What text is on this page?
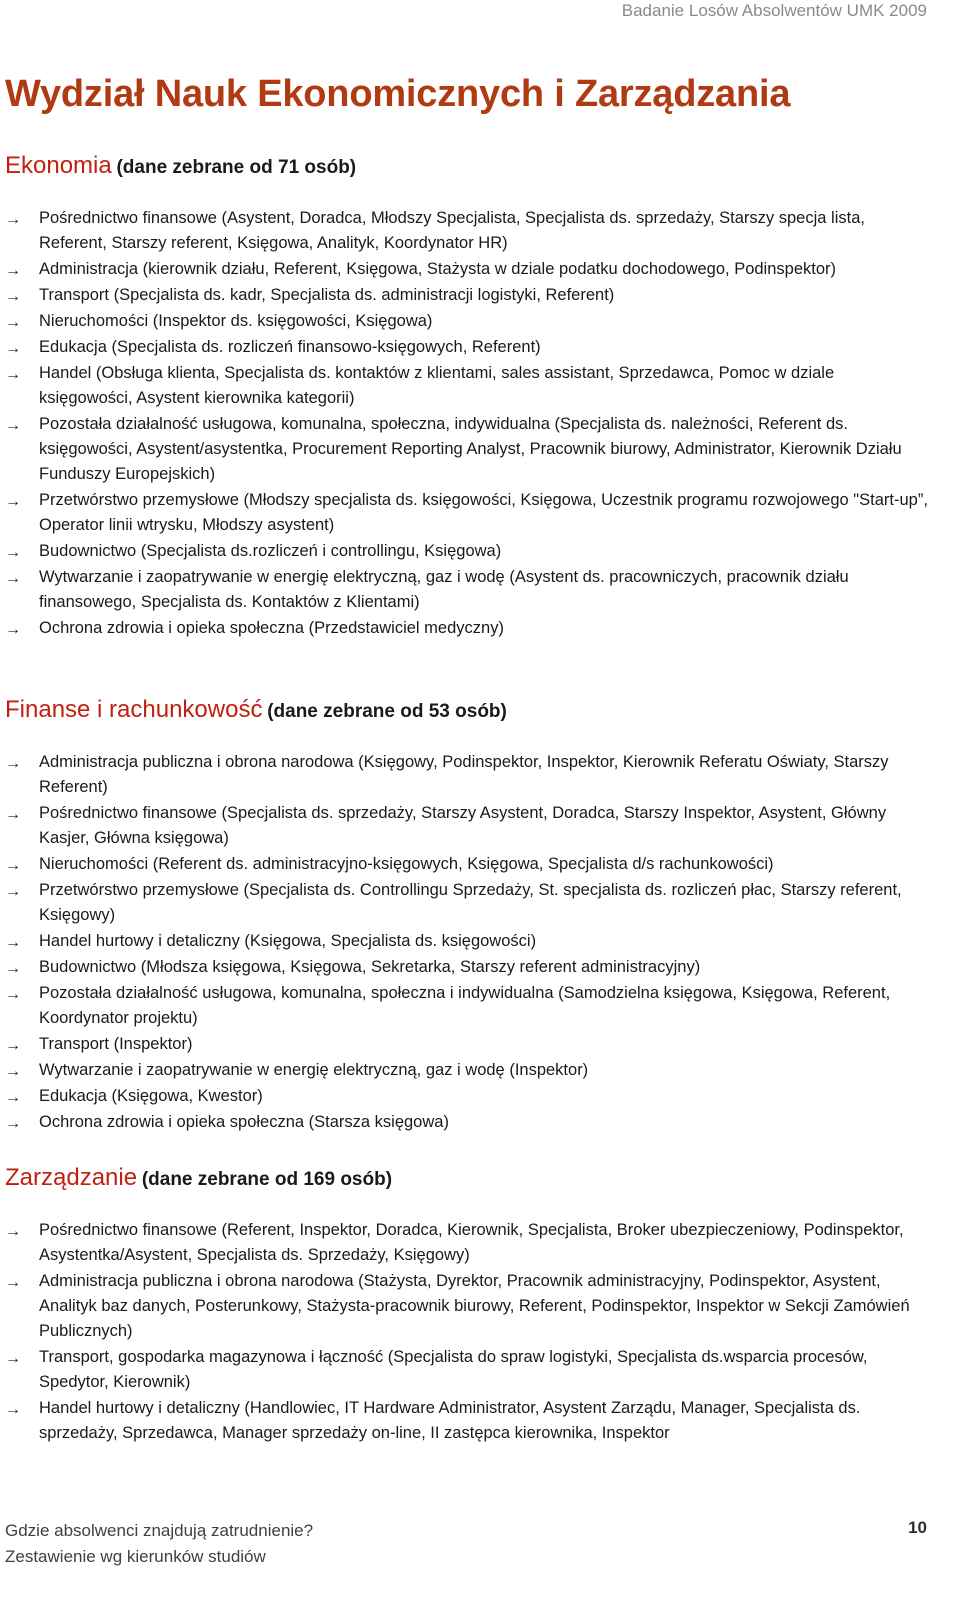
Badanie Losów Absolwentów UMK 2009
Wydział Nauk Ekonomicznych i Zarządzania
Ekonomia (dane zebrane od 71 osób)
→ Pośrednictwo finansowe (Asystent, Doradca, Młodszy Specjalista, Specjalista ds. sprzedaży, Starszy specja lista, Referent, Starszy referent, Księgowa, Analityk, Koordynator HR)
→ Administracja (kierownik działu, Referent, Księgowa, Stażysta w dziale podatku dochodowego, Podinspektor)
→ Transport (Specjalista ds. kadr, Specjalista ds. administracji logistyki, Referent)
→ Nieruchomości (Inspektor ds. księgowości, Księgowa)
→ Edukacja (Specjalista ds. rozliczeń finansowo-księgowych, Referent)
→ Handel (Obsługa klienta, Specjalista ds. kontaktów z klientami, sales assistant, Sprzedawca, Pomoc w dziale księgowości, Asystent kierownika kategorii)
→ Pozostała działalność usługowa, komunalna, społeczna, indywidualna (Specjalista ds. należności, Referent ds. księgowości, Asystent/asystentka, Procurement Reporting Analyst, Pracownik biurowy, Administrator, Kierownik Działu Funduszy Europejskich)
→ Przetwórstwo przemysłowe (Młodszy specjalista ds. księgowości, Księgowa, Uczestnik programu rozwojowego "Start-up”, Operator linii wtrysku, Młodszy asystent)
→ Budownictwo (Specjalista ds.rozliczeń i controllingu, Księgowa)
→ Wytwarzanie i zaopatrywanie w energię elektryczną, gaz i wodę (Asystent ds. pracowniczych, pracownik działu finansowego, Specjalista ds. Kontaktów z Klientami)
→ Ochrona zdrowia i opieka społeczna (Przedstawiciel medyczny)
Finanse i rachunkowość (dane zebrane od 53 osób)
→ Administracja publiczna i obrona narodowa (Księgowy, Podinspektor, Inspektor, Kierownik Referatu Oświaty, Starszy Referent)
→ Pośrednictwo finansowe (Specjalista ds. sprzedaży, Starszy Asystent, Doradca, Starszy Inspektor, Asystent, Główny Kasjer, Główna księgowa)
→ Nieruchomości (Referent ds. administracyjno-księgowych, Księgowa, Specjalista d/s rachunkowości)
→ Przetwórstwo przemysłowe (Specjalista ds. Controllingu Sprzedaży, St. specjalista ds. rozliczeń płac, Starszy referent, Księgowy)
→ Handel hurtowy i detaliczny (Księgowa, Specjalista ds. księgowości)
→ Budownictwo (Młodsza księgowa, Księgowa, Sekretarka, Starszy referent administracyjny)
→ Pozostała działalność usługowa, komunalna, społeczna i indywidualna (Samodzielna księgowa, Księgowa, Referent, Koordynator projektu)
→ Transport (Inspektor)
→ Wytwarzanie i zaopatrywanie w energię elektryczną, gaz i wodę (Inspektor)
→ Edukacja (Księgowa, Kwestor)
→ Ochrona zdrowia i opieka społeczna (Starsza księgowa)
Zarządzanie (dane zebrane od 169 osób)
→ Pośrednictwo finansowe (Referent, Inspektor, Doradca, Kierownik, Specjalista, Broker ubezpieczeniowy, Podinspektor, Asystentka/Asystent, Specjalista ds. Sprzedaży, Księgowy)
→ Administracja publiczna i obrona narodowa (Stażysta, Dyrektor, Pracownik administracyjny, Podinspektor, Asystent, Analityk baz danych, Posterunkowy, Stażysta-pracownik biurowy, Referent, Podinspektor, Inspektor w Sekcji Zamówień Publicznych)
→ Transport, gospodarka magazynowa i łączność (Specjalista do spraw logistyki, Specjalista ds.wsparcia procesów, Spedytor, Kierownik)
→ Handel hurtowy i detaliczny (Handlowiec, IT Hardware Administrator, Asystent Zarządu, Manager, Specjalista ds. sprzedaży, Sprzedawca, Manager sprzedaży on-line, II zastępca kierownika, Inspektor
Gdzie absolwenci znajdują zatrudnienie?
Zestawienie wg kierunków studiów
10
